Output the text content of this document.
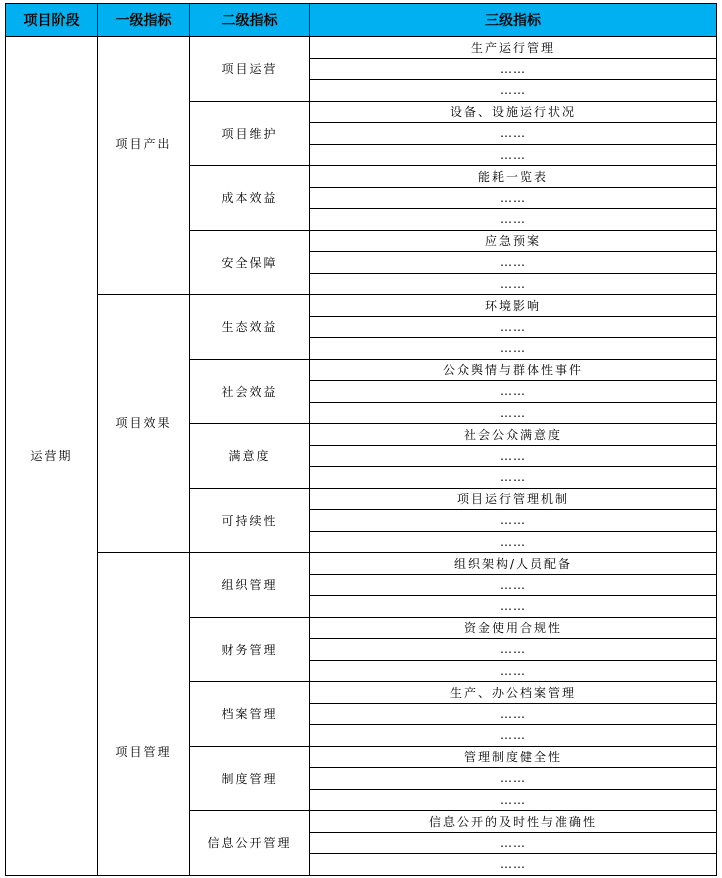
项目阶段	一级指标	二级指标	三级指标
运营期	项目产出	项目运营	生产运行管理
			……
			……
		项目维护	设备、设施运行状况
			……
			……
		成本效益	能耗一览表
			……
			……
		安全保障	应急预案
			……
			……

	项目效果	生态效益	环境影响
			……
			……
		社会效益	公众舆情与群体性事件
			……
			……
		满意度	社会公众满意度
			……
			……
		可持续性	项目运行管理机制
			……
			……

	项目管理	组织管理	组织架构/人员配备
			……
			……
		财务管理	资金使用合规性
			……
			……
		档案管理	生产、办公档案管理
			……
			……
		制度管理	管理制度健全性
			……
			……
		信息公开管理	信息公开的及时性与准确性
			……
			……
